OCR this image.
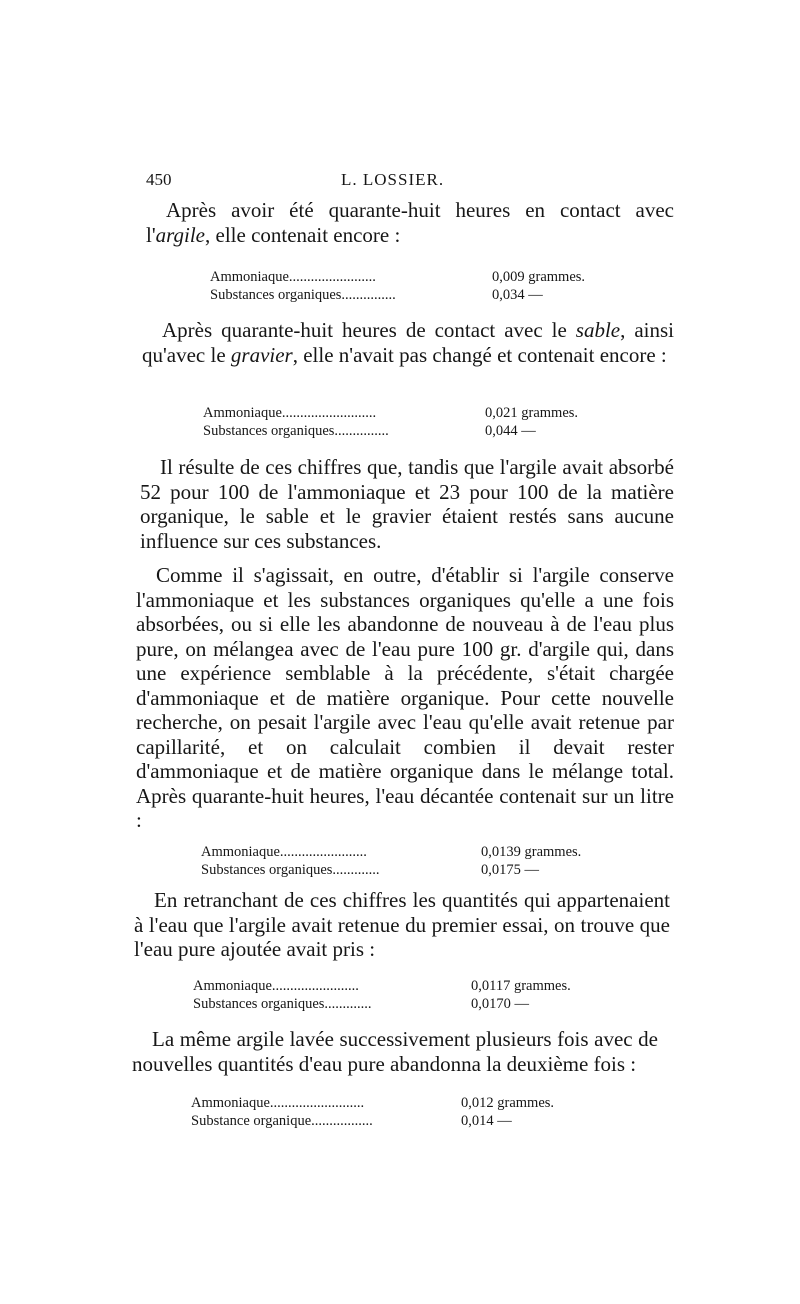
450	L. LOSSIER.

Après avoir été quarante-huit heures en contact avec l'argile, elle contenait encore :

Ammoniaque........................	0,009 grammes.
Substances organiques...............	0,034 —

Après quarante-huit heures de contact avec le sable, ainsi qu'avec le gravier, elle n'avait pas changé et contenait encore :

Ammoniaque..........................	0,021 grammes.
Substances organiques...............	0,044 —

Il résulte de ces chiffres que, tandis que l'argile avait absorbé 52 pour 100 de l'ammoniaque et 23 pour 100 de la matière organique, le sable et le gravier étaient restés sans aucune influence sur ces substances.

Comme il s'agissait, en outre, d'établir si l'argile conserve l'ammoniaque et les substances organiques qu'elle a une fois absorbées, ou si elle les abandonne de nouveau à de l'eau plus pure, on mélangea avec de l'eau pure 100 gr. d'argile qui, dans une expérience semblable à la précédente, s'était chargée d'ammoniaque et de matière organique. Pour cette nouvelle recherche, on pesait l'argile avec l'eau qu'elle avait retenue par capillarité, et on calculait combien il devait rester d'ammoniaque et de matière organique dans le mélange total. Après quarante-huit heures, l'eau décantée contenait sur un litre :

Ammoniaque........................	0,0139 grammes.
Substances organiques.............	0,0175 —

En retranchant de ces chiffres les quantités qui appartenaient à l'eau que l'argile avait retenue du premier essai, on trouve que l'eau pure ajoutée avait pris :

Ammoniaque........................	0,0117 grammes.
Substances organiques.............	0,0170 —

La même argile lavée successivement plusieurs fois avec de nouvelles quantités d'eau pure abandonna la deuxième fois :

Ammoniaque..........................	0,012 grammes.
Substance organique.................	0,014 —
